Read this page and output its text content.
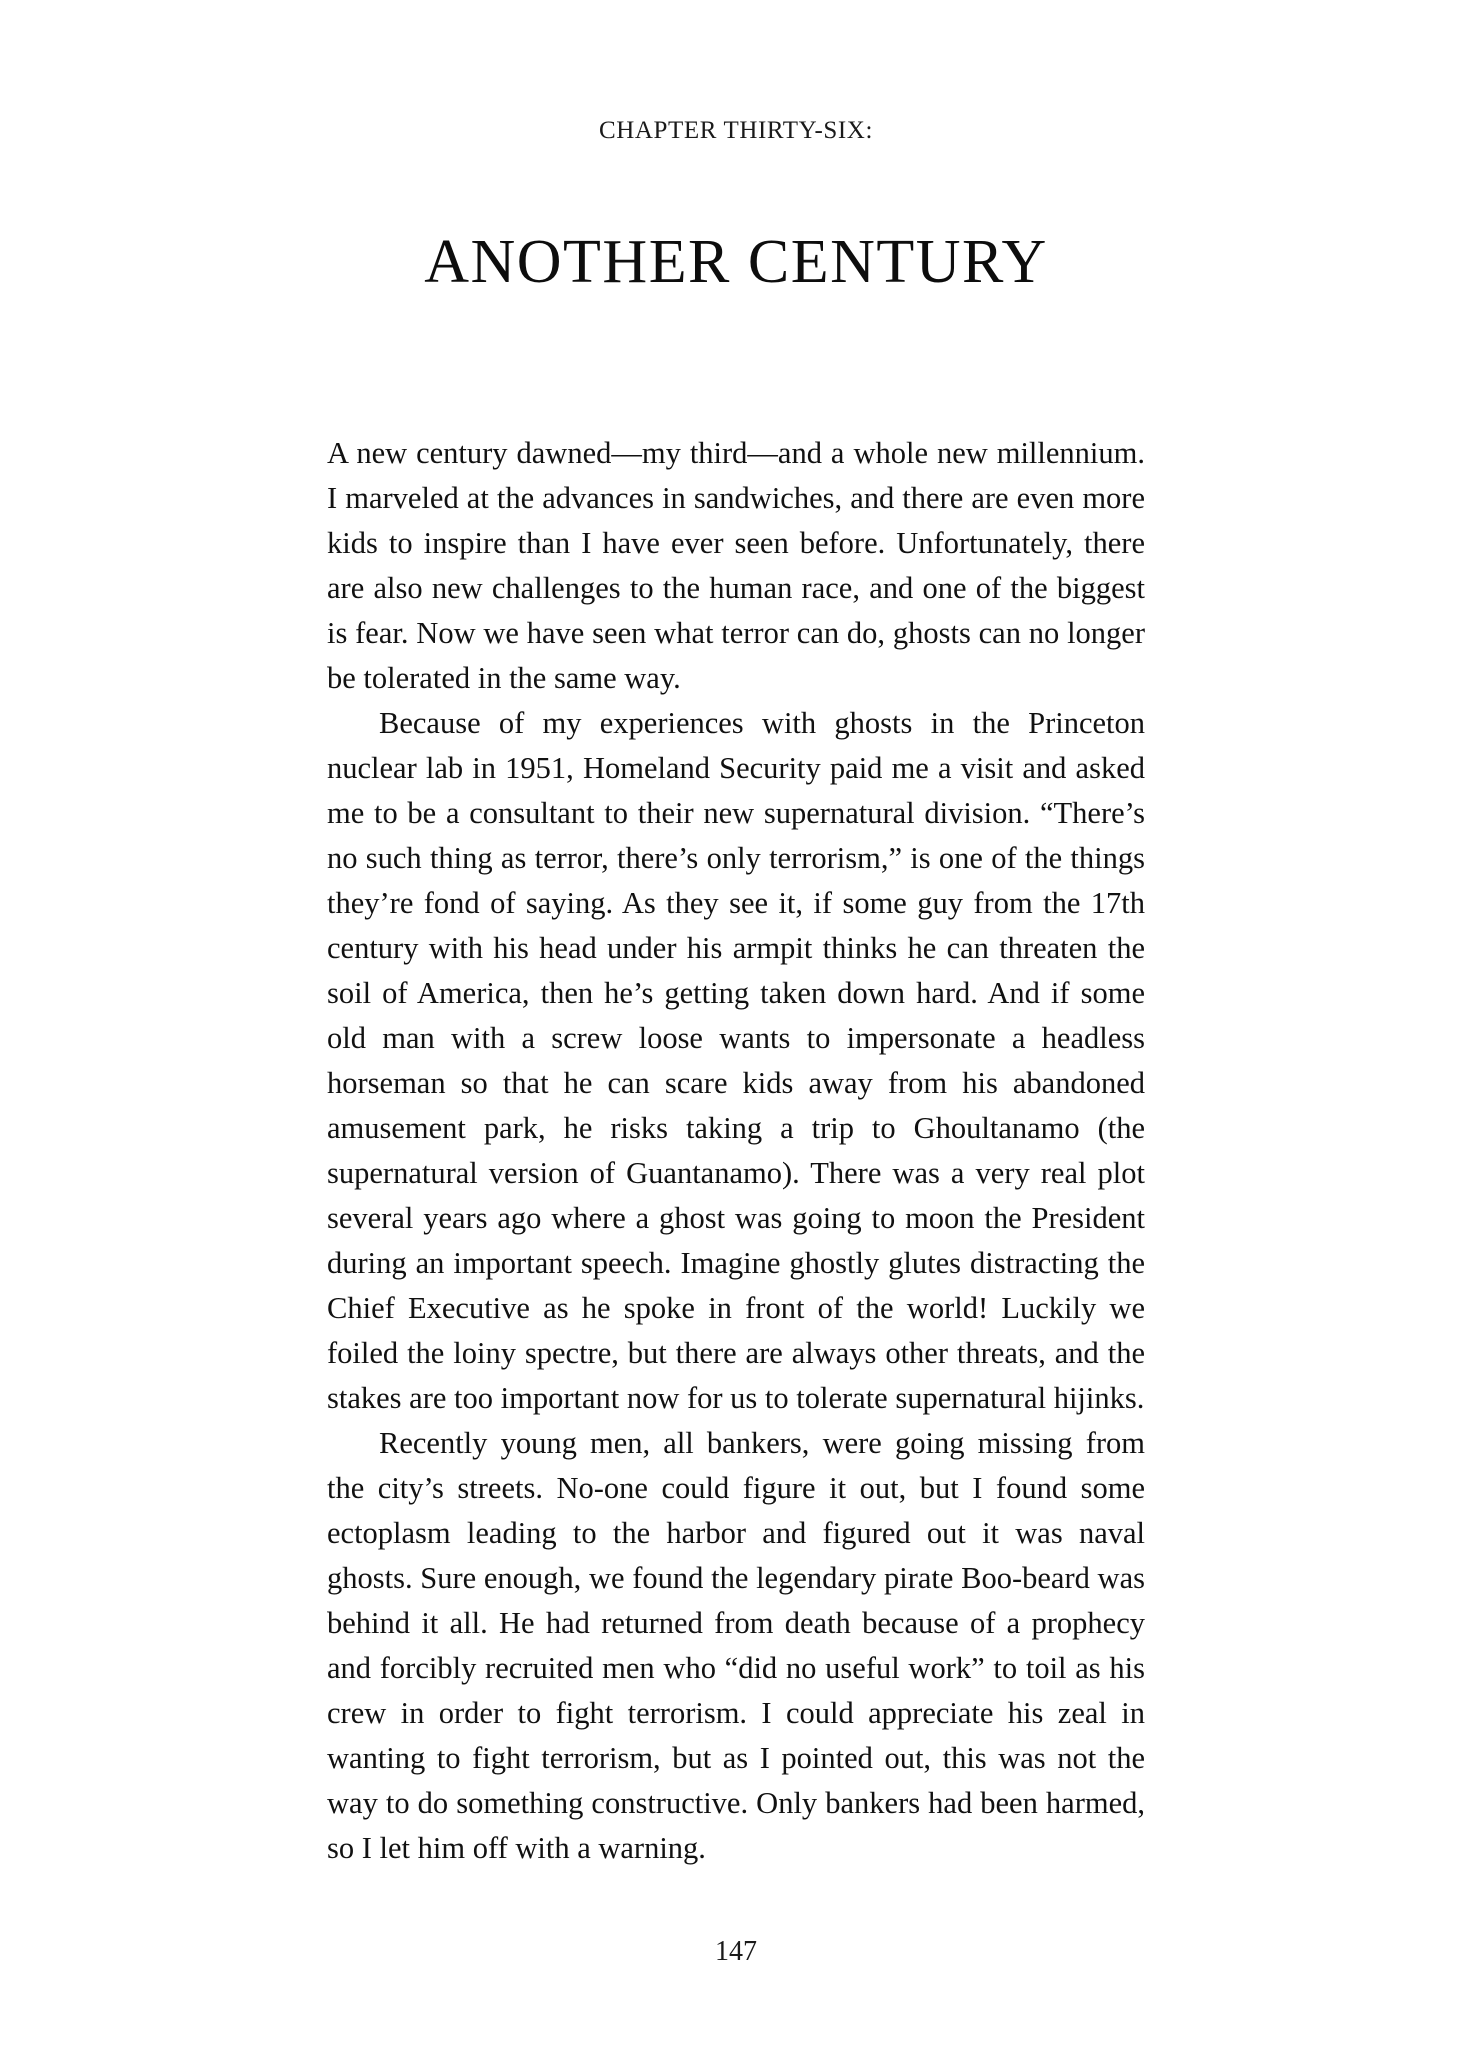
CHAPTER THIRTY-SIX:
ANOTHER CENTURY

A new century dawned—my third—and a whole new millennium. I marveled at the advances in sandwiches, and there are even more kids to inspire than I have ever seen before. Unfortunately, there are also new challenges to the human race, and one of the biggest is fear. Now we have seen what terror can do, ghosts can no longer be tolerated in the same way.

Because of my experiences with ghosts in the Princeton nuclear lab in 1951, Homeland Security paid me a visit and asked me to be a consultant to their new supernatural division. “There’s no such thing as terror, there’s only terrorism,” is one of the things they’re fond of saying. As they see it, if some guy from the 17th century with his head under his armpit thinks he can threaten the soil of America, then he’s getting taken down hard. And if some old man with a screw loose wants to impersonate a headless horseman so that he can scare kids away from his abandoned amusement park, he risks taking a trip to Ghoultanamo (the supernatural version of Guantanamo). There was a very real plot several years ago where a ghost was going to moon the President during an important speech. Imagine ghostly glutes distracting the Chief Executive as he spoke in front of the world! Luckily we foiled the loiny spectre, but there are always other threats, and the stakes are too important now for us to tolerate supernatural hijinks.

Recently young men, all bankers, were going missing from the city’s streets. No-one could figure it out, but I found some ectoplasm leading to the harbor and figured out it was naval ghosts. Sure enough, we found the legendary pirate Boo-beard was behind it all. He had returned from death because of a prophecy and forcibly recruited men who “did no useful work” to toil as his crew in order to fight terrorism. I could appreciate his zeal in wanting to fight terrorism, but as I pointed out, this was not the way to do something constructive. Only bankers had been harmed, so I let him off with a warning.

147
